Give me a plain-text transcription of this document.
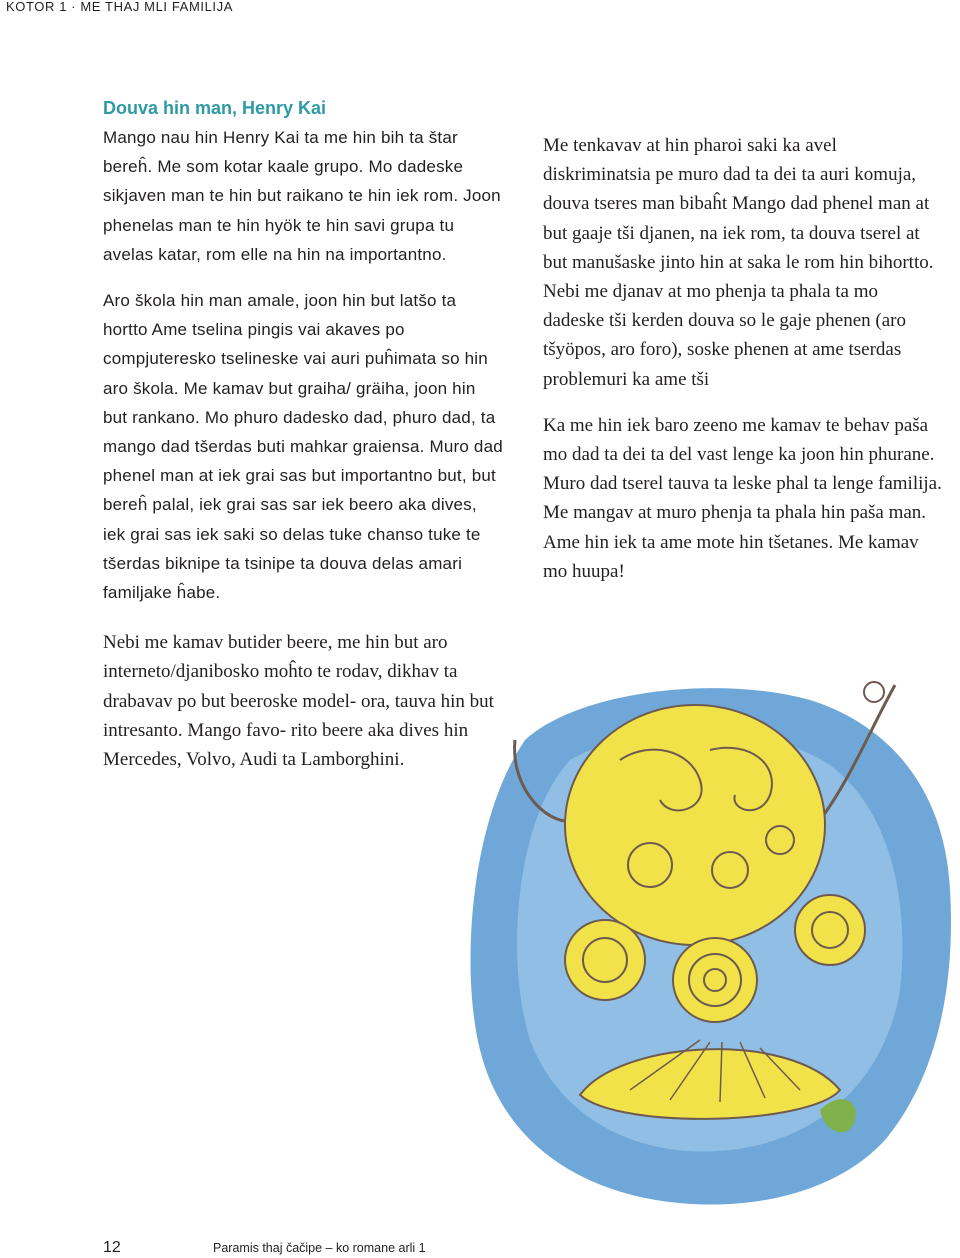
KOTOR 1 · ME THAJ MLI FAMILIJA
Douva hin man, Henry Kai

Mango nau hin Henry Kai ta me hin bih ta štar bereĥ. Me som kotar kaale grupo. Mo dadeske sikjaven man te hin but raikano te hin iek rom. Joon phenelas man te hin hyök te hin savi grupa tu avelas katar, rom elle na hin na importantno.

Aro škola hin man amale, joon hin but latšo ta hortto Ame tselina pingis vai akaves po compjuteresko tselineske vai auri puĥimata so hin aro škola. Me kamav but graiha/ gräiha, joon hin but rankano. Mo phuro dadesko dad, phuro dad, ta mango dad tšerdas buti mahkar graiensa. Muro dad phenel man at iek grai sas but importantno but, but bereĥ palal, iek grai sas sar iek beero aka dives, iek grai sas iek saki so delas tuke chanso tuke te tšerdas biknipe ta tsinipe ta douva delas amari familjake ĥabe.

Nebi me kamav butider beere, me hin but aro interneto/djanibosko moĥto te rodav, dikhav ta drabavav po but beeroske model- ora, tauva hin but intresanto. Mango favo- rito beere aka dives hin Mercedes, Volvo, Audi ta Lamborghini.

Me tenkavav at hin pharoi saki ka avel diskriminatsia pe muro dad ta dei ta auri komuja, douva tseres man bibaĥt Mango dad phenel man at but gaaje tši djanen, na iek rom, ta douva tserel at but manušaske jinto hin at saka le rom hin bihortto. Nebi me djanav at mo phenja ta phala ta mo dadeske tši kerden douva so le gaje phenen (aro tšyöpos, aro foro), soske phenen at ame tserdas problemuri ka ame tši

Ka me hin iek baro zeeno me kamav te behav paša mo dad ta dei ta del vast lenge ka joon hin phurane. Muro dad tserel tauva ta leske phal ta lenge familija. Me mangav at muro phenja ta phala hin paša man. Ame hin iek ta ame mote hin tšetanes. Me kamav mo huupa!

12	Paramis thaj čačipe – ko romane arli 1
